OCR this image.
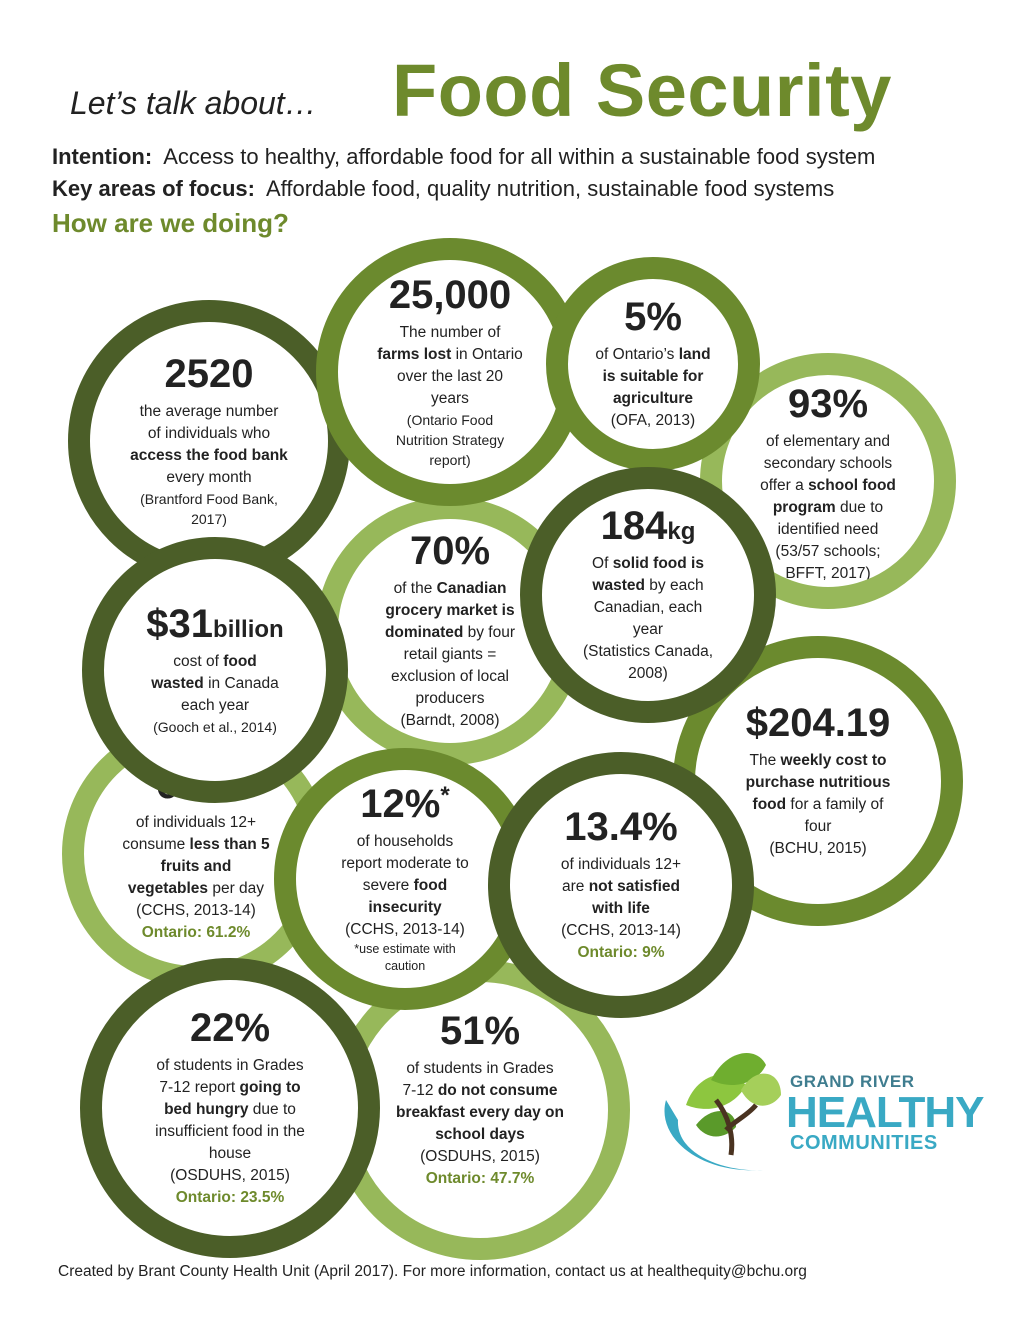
Let’s talk about… Food Security
Intention: Access to healthy, affordable food for all within a sustainable food system
Key areas of focus: Affordable food, quality nutrition, sustainable food systems
How are we doing?
93%
of elementary and
secondary schools
offer a school food
program due to
identified need
(53/57 schools;
BFFT, 2017)
$204.19
The weekly cost to
purchase nutritious
food for a family of
four
(BCHU, 2015)
2520
the average number
of individuals who
access the food bank
every month
(Brantford Food Bank,
2017)
70%
of the Canadian
grocery market is
dominated by four
retail giants =
exclusion of local
producers
(Barndt, 2008)
25,000
The number of
farms lost in Ontario
over the last 20
years
(Ontario Food
Nutrition Strategy
report)
5%
of Ontario’s land
is suitable for
agriculture
(OFA, 2013)
184kg
Of solid food is
wasted by each
Canadian, each
year
(Statistics Canada,
2008)
of individuals 12+
consume less than 5
fruits and
vegetables per day
(CCHS, 2013-14)
Ontario: 61.2%
$31billion
cost of food
wasted in Canada
each year
(Gooch et al., 2014)
51%
of students in Grades
7-12 do not consume
breakfast every day on
school days
(OSDUHS, 2015)
Ontario: 47.7%
12%*
of households
report moderate to
severe food
insecurity
(CCHS, 2013-14)
*use estimate with
caution
13.4%
of individuals 12+
are not satisfied
with life
(CCHS, 2013-14)
Ontario: 9%
22%
of students in Grades
7-12 report going to
bed hungry due to
insufficient food in the
house
(OSDUHS, 2015)
Ontario: 23.5%
GRAND RIVER
HEALTHY
COMMUNITIES
Created by Brant County Health Unit (April 2017). For more information, contact us at healthequity@bchu.org
